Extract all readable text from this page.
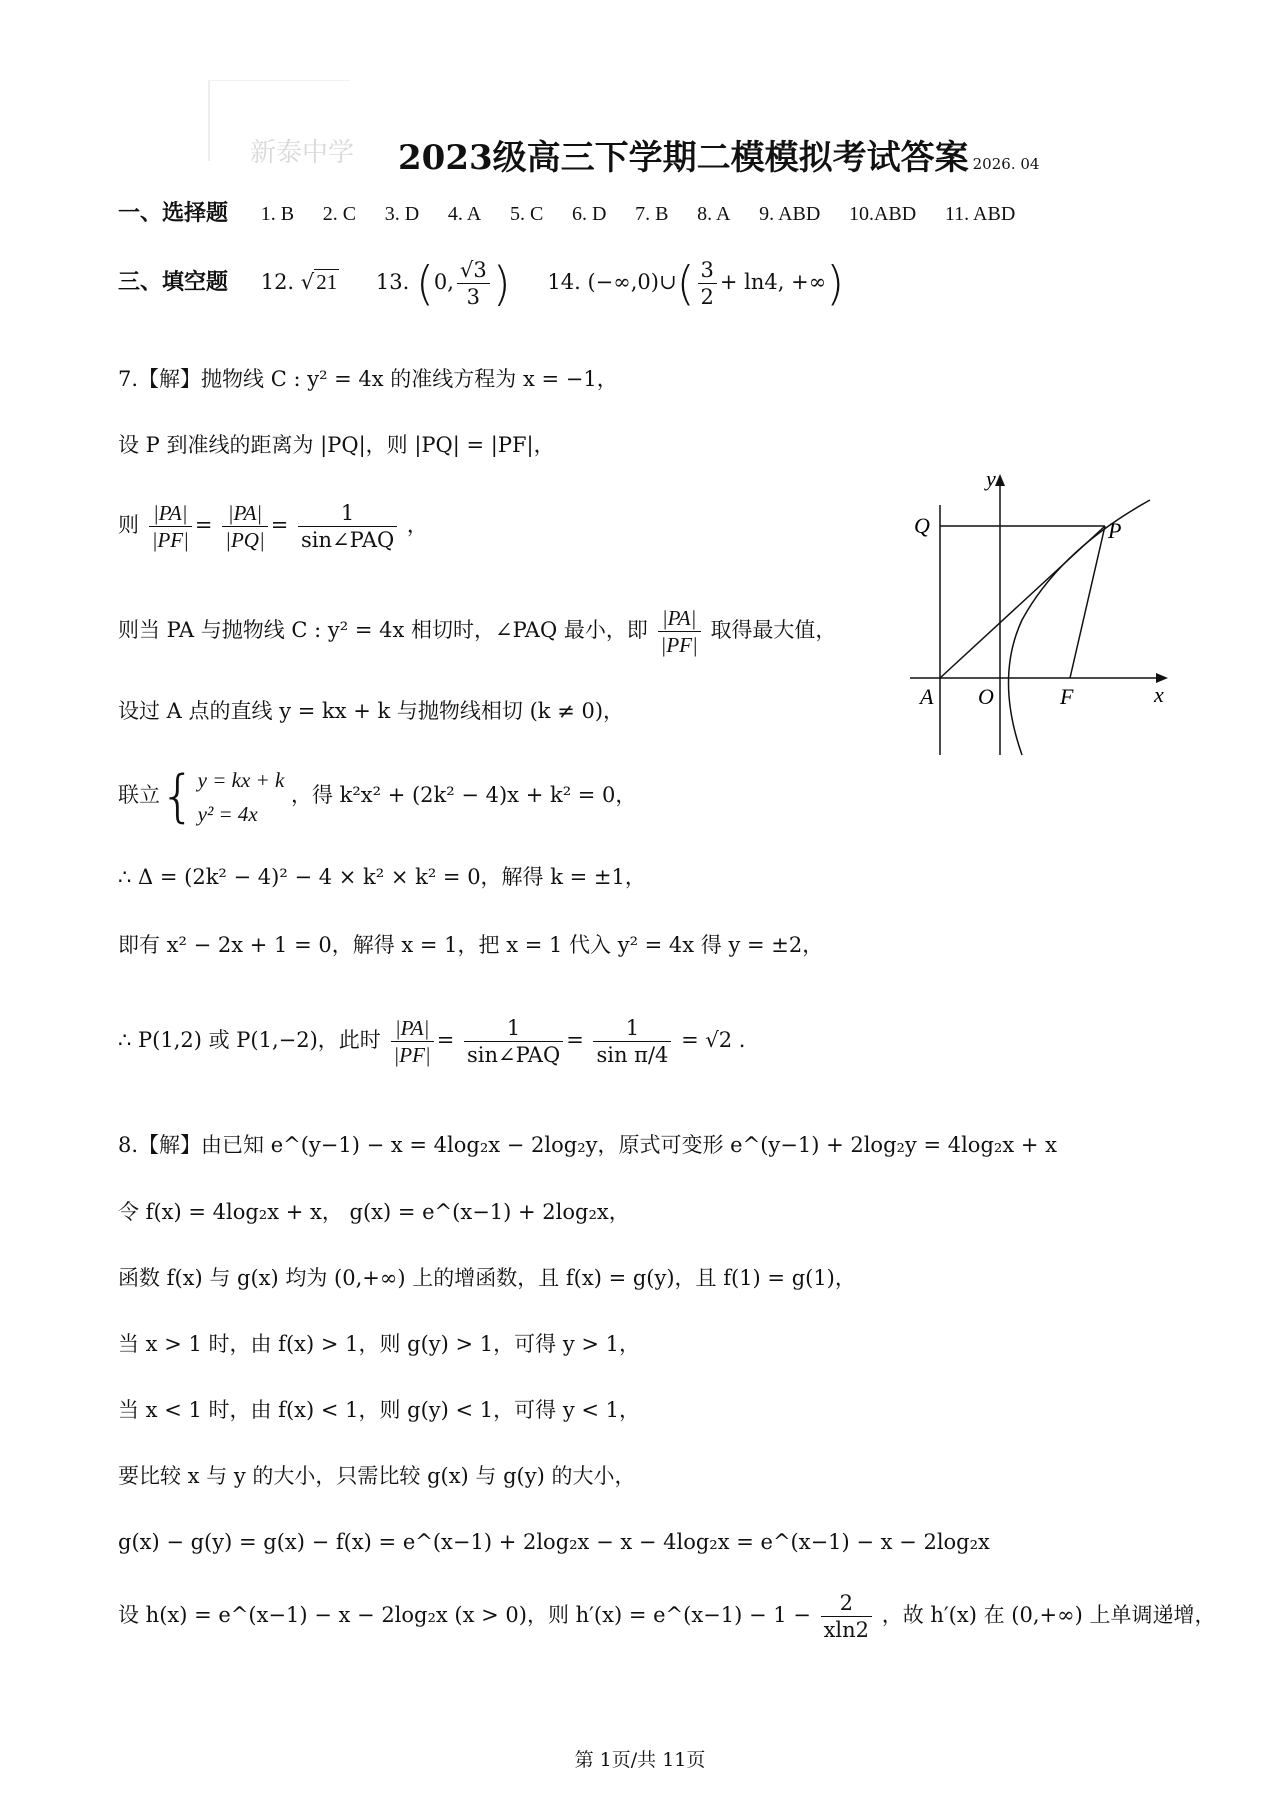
新泰中学 2023级高三下学期二模模拟考试答案 2026. 04
一、选择题 1. B 2. C 3. D 4. A 5. C 6. D 7. B 8. A 9. ABD 10.ABD 11. ABD
三、填空题 12. √21 13. (0, $\frac{√3}{3}$ ) 14. (−∞,0)∪( $\frac{3}{2} + \ln 4$, +∞)
7.【解】抛物线 C : y² = 4x 的准线方程为 x = −1，
设 P 到准线的距离为 |PQ|，则 |PQ| = |PF|，
则 $\frac{|PA|}{|PF|} = \frac{|PA|}{|PQ|} = \frac{1}{\text{sin∠PAQ}}$ ，
则当 PA 与抛物线 C : y² = 4x 相切时，∠PAQ 最小，即 $\frac{|PA|}{|PF|}$ 取得最大值，
设过 A 点的直线 y = kx + k 与抛物线相切 (k ≠ 0)，
联立{ y = kx + k
y² = 4x
，得 k²x² + (2k² − 4)x + k² = 0，
∴ Δ = (2k² − 4)² − 4 × k² × k² = 0，解得 k = ±1，
即有 x² − 2x + 1 = 0，解得 x = 1，把 x = 1 代入 y² = 4x 得 y = ±2，
∴ P(1,2) 或 P(1,−2)，此时 $\frac{|PA|}{|PF|} = \frac{1}{\text{sin∠PAQ}} = \frac{1}{\text{sin π/4}} = √2$ .
y
x
Q	P
A O	F
8.【解】由已知 e^(y−1) − x = 4log₂x − 2log₂y，原式可变形 e^(y−1) + 2log₂y = 4log₂x + x
令 f(x) = 4log₂x + x， g(x) = e^(x−1) + 2log₂x，
函数 f(x) 与 g(x) 均为 (0,+∞) 上的增函数，且 f(x) = g(y)，且 f(1) = g(1)，
当 x > 1 时，由 f(x) > 1，则 g(y) > 1，可得 y > 1，
当 x < 1 时，由 f(x) < 1，则 g(y) < 1，可得 y < 1，
要比较 x 与 y 的大小，只需比较 g(x) 与 g(y) 的大小，
g(x) − g(y) = g(x) − f(x) = e^(x−1) + 2log₂x − x − 4log₂x = e^(x−1) − x − 2log₂x
设 h(x) = e^(x−1) − x − 2log₂x (x > 0)，则 h′(x) = e^(x−1) − $1 - \frac{2}{xln2}$ ，故 h′(x) 在 (0,+∞) 上单调递增，
第 1页/共 11页
